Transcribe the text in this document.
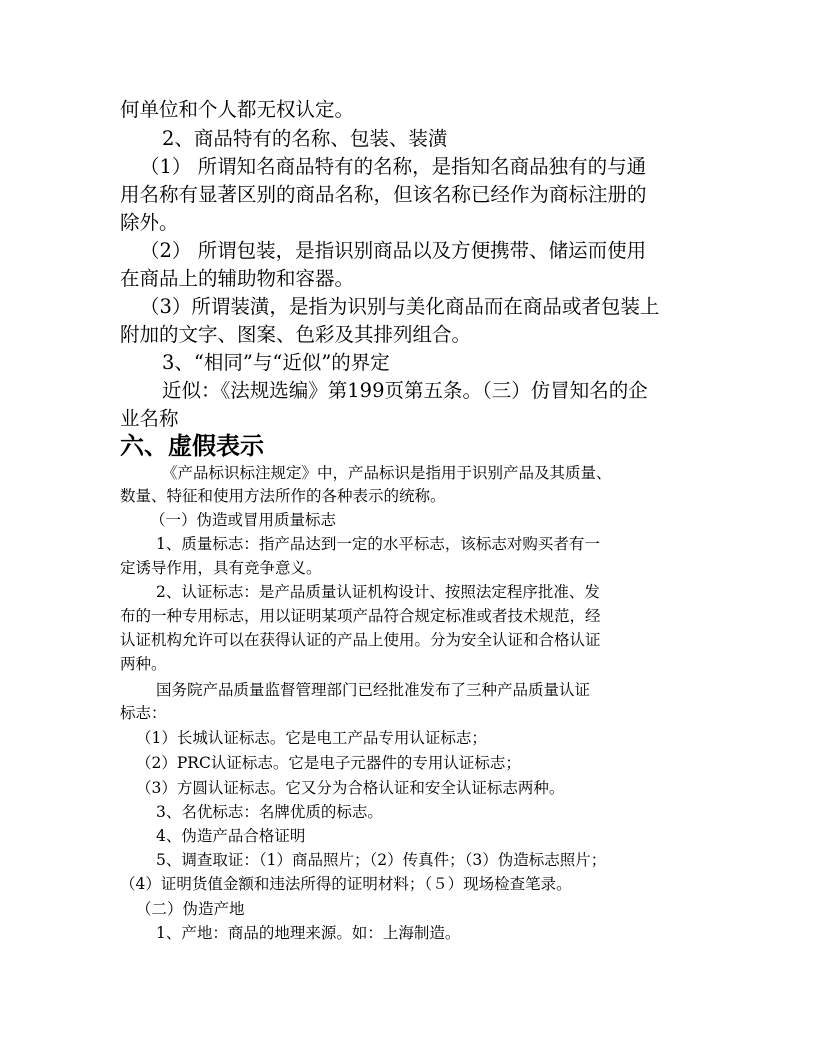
何单位和个人都无权认定。
2、商品特有的名称、包装、装潢
（1） 所谓知名商品特有的名称，是指知名商品独有的与通
用名称有显著区别的商品名称，但该名称已经作为商标注册的
除外。
（2） 所谓包装，是指识别商品以及方便携带、储运而使用
在商品上的辅助物和容器。
（3）所谓装潢，是指为识别与美化商品而在商品或者包装上
附加的文字、图案、色彩及其排列组合。
3、“相同”与“近似”的界定
近似：《法规选编》第199页第五条。（三）仿冒知名的企
业名称
六、虚假表示
《产品标识标注规定》中，产品标识是指用于识别产品及其质量、
数量、特征和使用方法所作的各种表示的统称。
（一）伪造或冒用质量标志
1、质量标志：指产品达到一定的水平标志，该标志对购买者有一
定诱导作用，具有竞争意义。
2、认证标志：是产品质量认证机构设计、按照法定程序批准、发
布的一种专用标志，用以证明某项产品符合规定标准或者技术规范，经
认证机构允许可以在获得认证的产品上使用。分为安全认证和合格认证
两种。
国务院产品质量监督管理部门已经批准发布了三种产品质量认证
标志：
（1）长城认证标志。它是电工产品专用认证标志；
（2）PRC认证标志。它是电子元器件的专用认证标志；
（3）方圆认证标志。它又分为合格认证和安全认证标志两种。
3、名优标志：名牌优质的标志。
4、伪造产品合格证明
5、调查取证：（1）商品照片；（2）传真件；（3）伪造标志照片；
（4）证明货值金额和违法所得的证明材料；（５）现场检查笔录。
（二）伪造产地
1、产地：商品的地理来源。如：上海制造。
